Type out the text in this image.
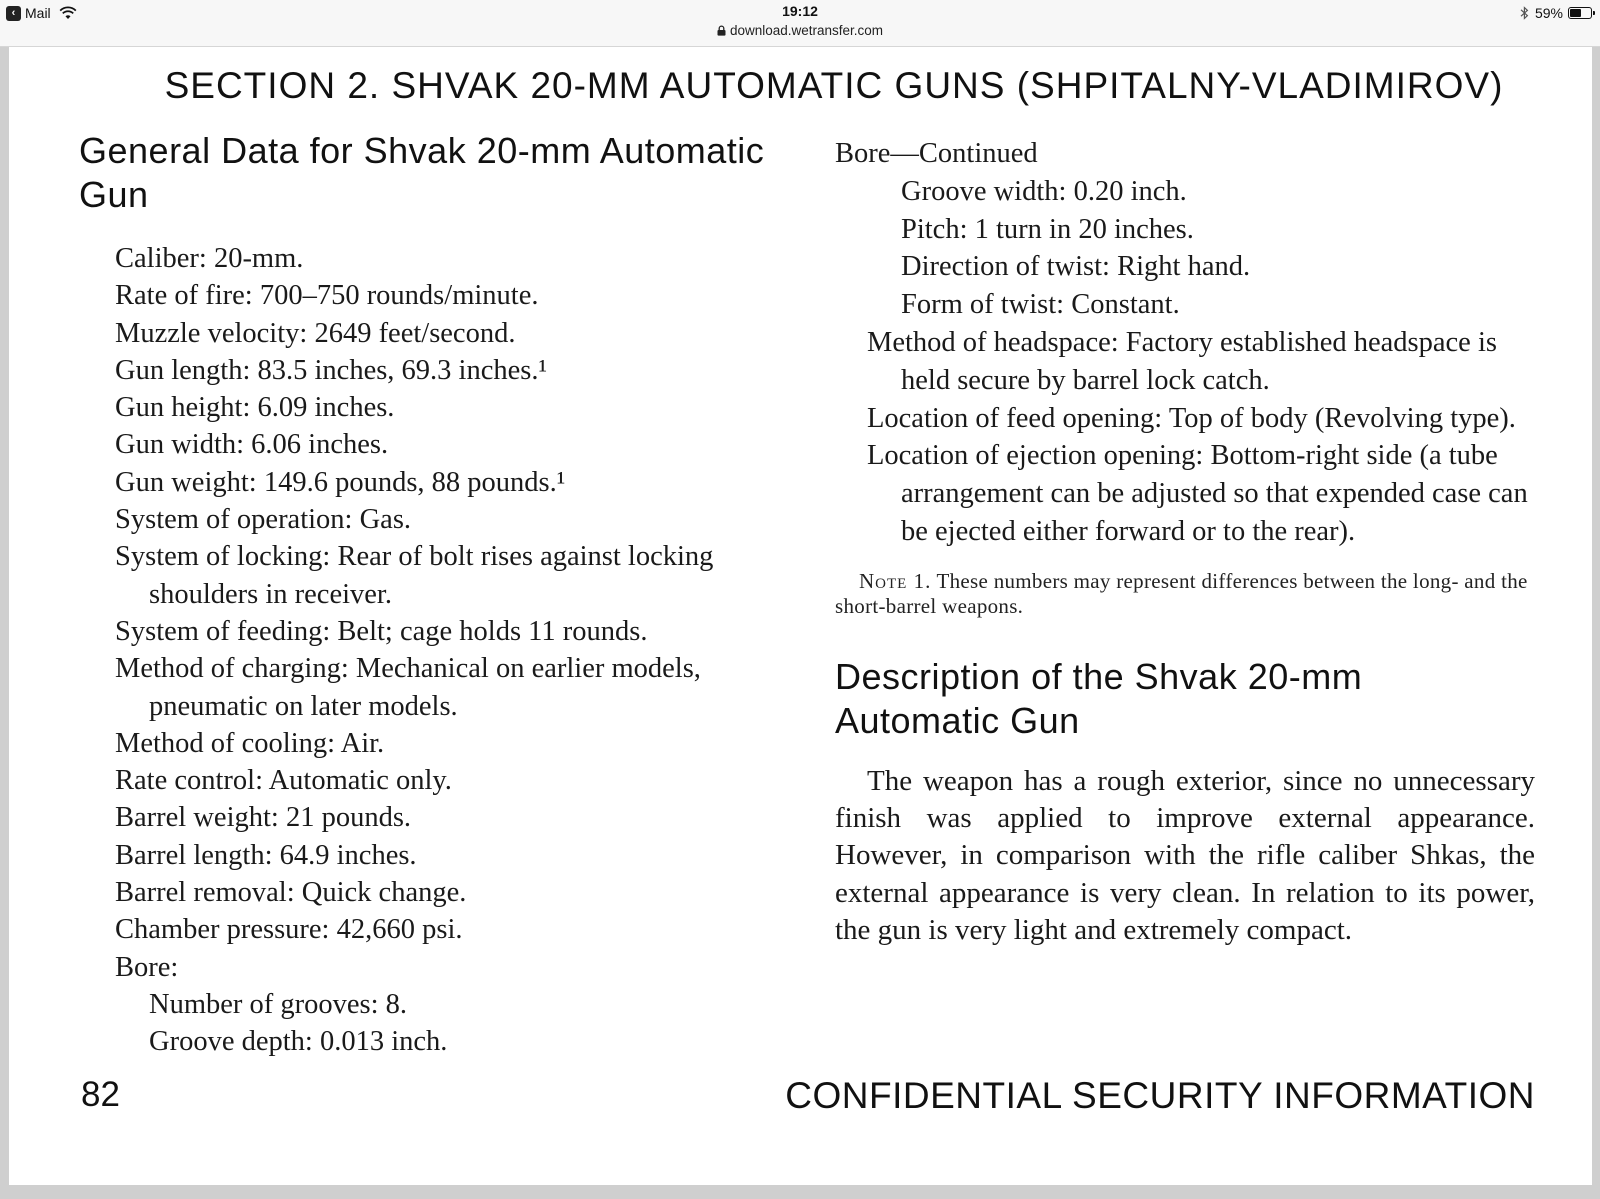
‹ Mail	19:12
download.wetransfer.com
59%
SECTION 2. SHVAK 20-MM AUTOMATIC GUNS (SHPITALNY-VLADIMIROV)
General Data for Shvak 20-mm Automatic Gun
Caliber: 20-mm.
Rate of fire: 700–750 rounds/minute.
Muzzle velocity: 2649 feet/second.
Gun length: 83.5 inches, 69.3 inches.¹
Gun height: 6.09 inches.
Gun width: 6.06 inches.
Gun weight: 149.6 pounds, 88 pounds.¹
System of operation: Gas.
System of locking: Rear of bolt rises against locking shoulders in receiver.
System of feeding: Belt; cage holds 11 rounds.
Method of charging: Mechanical on earlier models, pneumatic on later models.
Method of cooling: Air.
Rate control: Automatic only.
Barrel weight: 21 pounds.
Barrel length: 64.9 inches.
Barrel removal: Quick change.
Chamber pressure: 42,660 psi.
Bore:
Number of grooves: 8.
Groove depth: 0.013 inch.
Bore—Continued
Groove width: 0.20 inch.
Pitch: 1 turn in 20 inches.
Direction of twist: Right hand.
Form of twist: Constant.
Method of headspace: Factory established headspace is held secure by barrel lock catch.
Location of feed opening: Top of body (Revolving type).
Location of ejection opening: Bottom-right side (a tube arrangement can be adjusted so that expended case can be ejected either forward or to the rear).
Note 1. These numbers may represent differences between the long- and the short-barrel weapons.
Description of the Shvak 20-mm Automatic Gun
The weapon has a rough exterior, since no unnecessary finish was applied to improve external appearance. However, in comparison with the rifle caliber Shkas, the external appearance is very clean. In relation to its power, the gun is very light and extremely compact.
82	CONFIDENTIAL SECURITY INFORMATION
